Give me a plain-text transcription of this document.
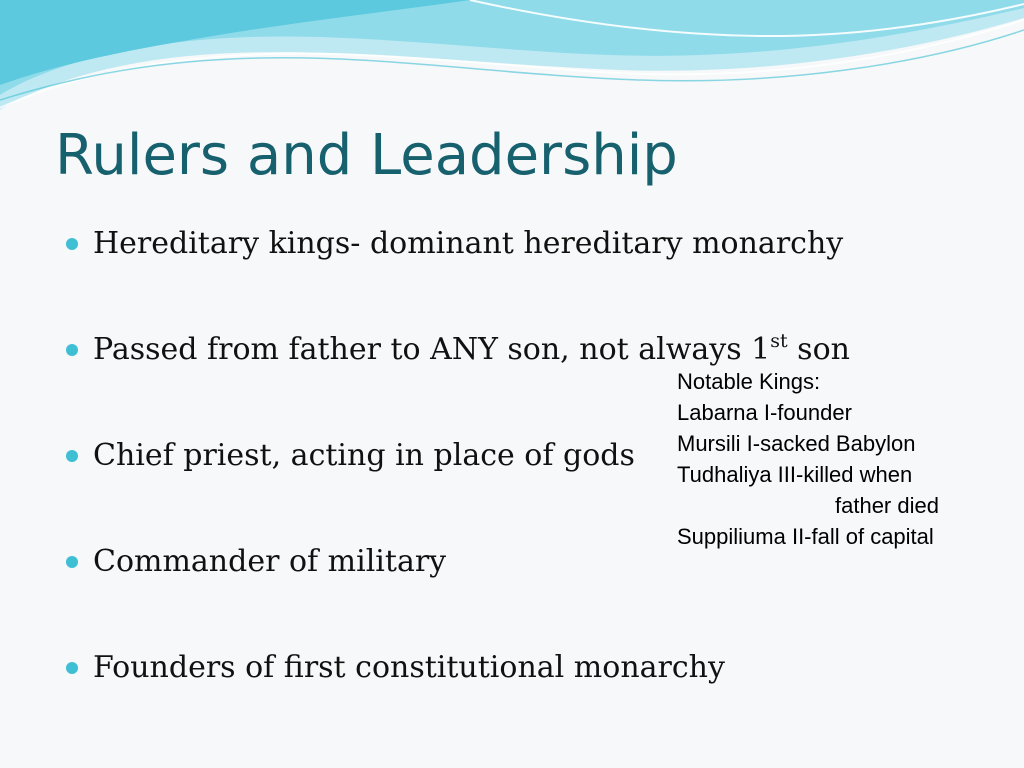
Rulers and Leadership
Hereditary kings- dominant hereditary monarchy
Passed from father to ANY son, not always 1st son
Chief priest, acting in place of gods
Commander of military
Founders of first constitutional monarchy
Notable Kings:
Labarna I-founder
Mursili I-sacked Babylon
Tudhaliya III-killed when
father died
Suppiliuma II-fall of capital
